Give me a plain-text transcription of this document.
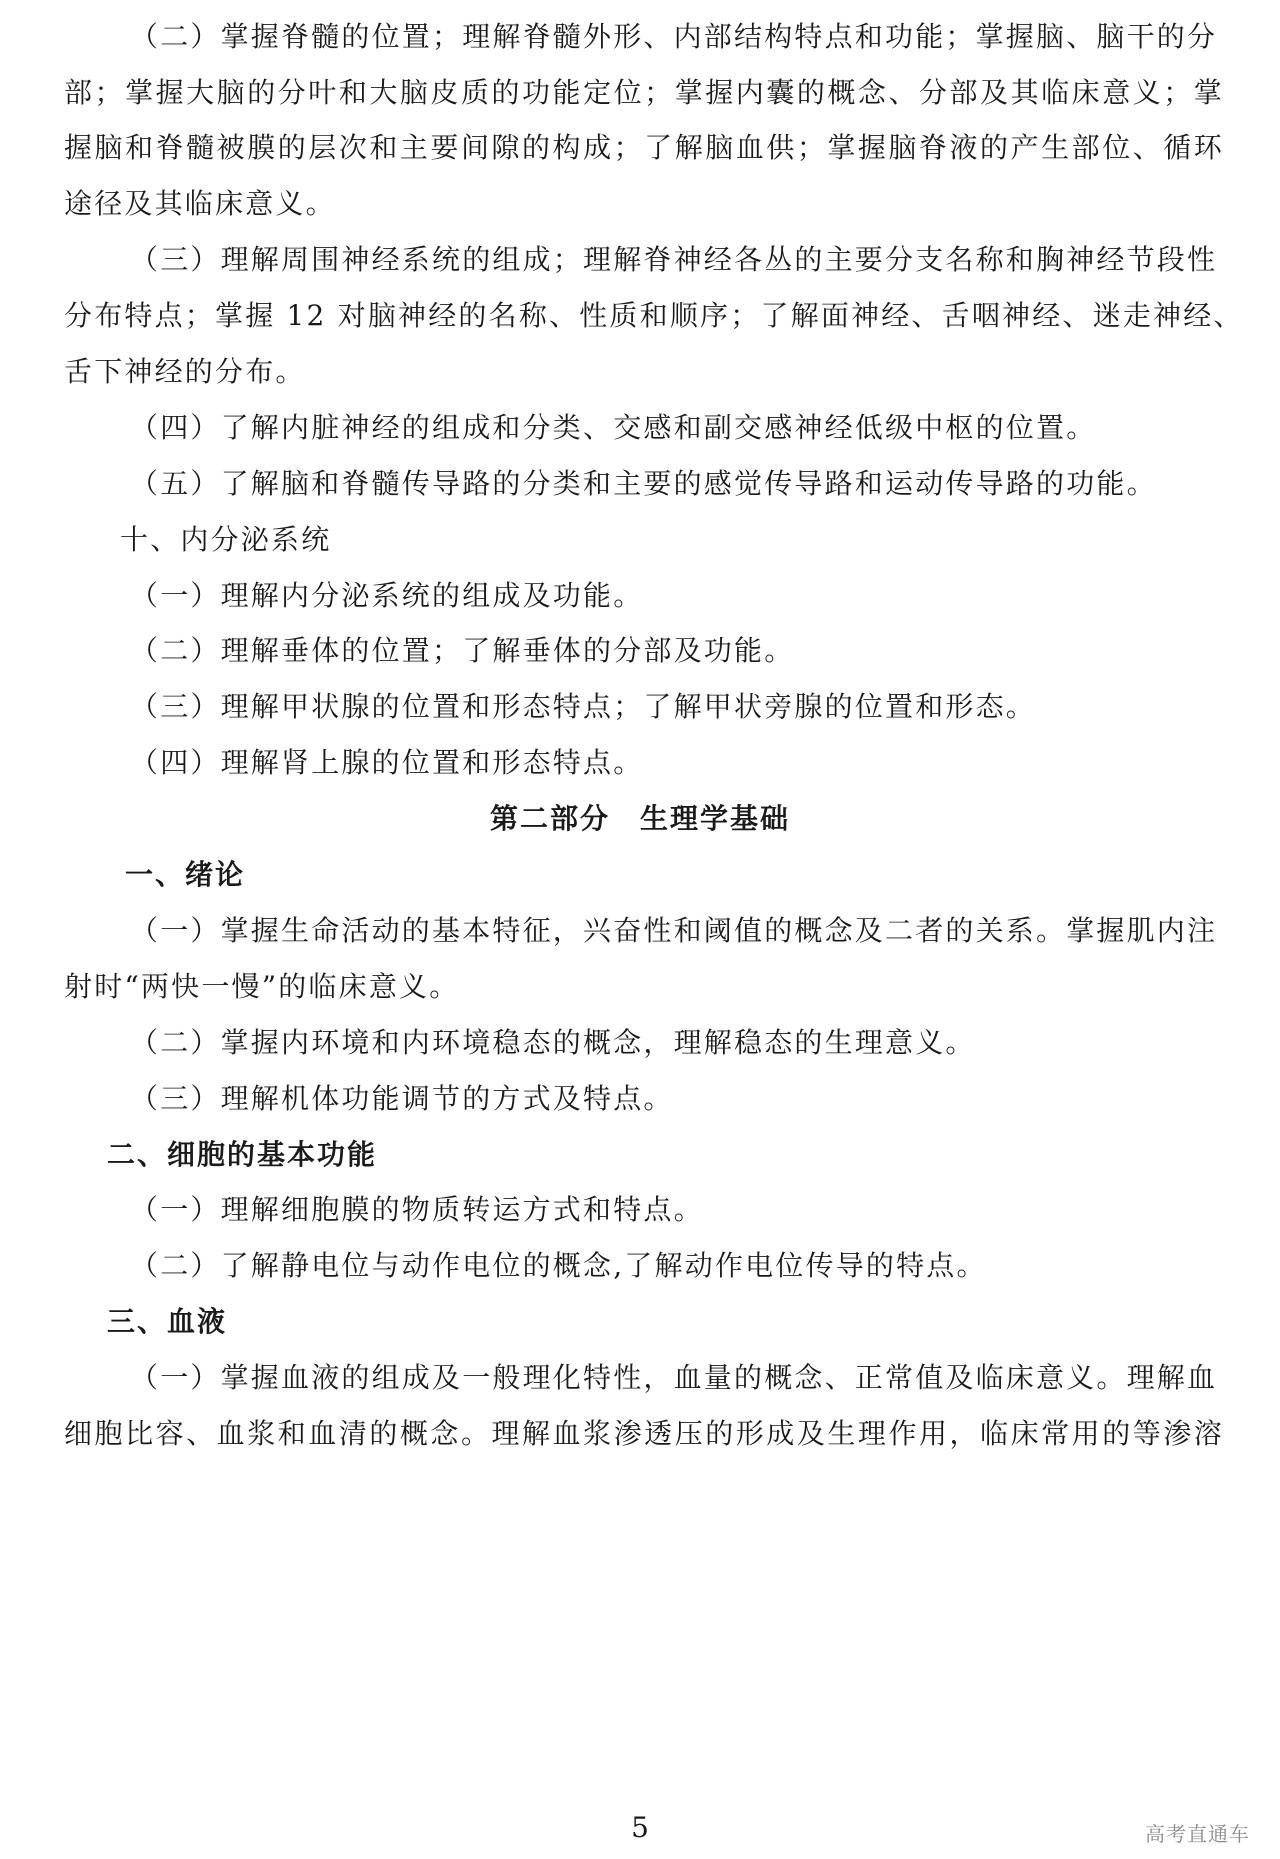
（二）掌握脊髓的位置；理解脊髓外形、内部结构特点和功能；掌握脑、脑干的分
部；掌握大脑的分叶和大脑皮质的功能定位；掌握内囊的概念、分部及其临床意义；掌
握脑和脊髓被膜的层次和主要间隙的构成；了解脑血供；掌握脑脊液的产生部位、循环
途径及其临床意义。
（三）理解周围神经系统的组成；理解脊神经各丛的主要分支名称和胸神经节段性
分布特点；掌握 12 对脑神经的名称、性质和顺序；了解面神经、舌咽神经、迷走神经、
舌下神经的分布。
（四）了解内脏神经的组成和分类、交感和副交感神经低级中枢的位置。
（五）了解脑和脊髓传导路的分类和主要的感觉传导路和运动传导路的功能。
十、内分泌系统
（一）理解内分泌系统的组成及功能。
（二）理解垂体的位置；了解垂体的分部及功能。
（三）理解甲状腺的位置和形态特点；了解甲状旁腺的位置和形态。
（四）理解肾上腺的位置和形态特点。
第二部分　生理学基础
一、绪论
（一）掌握生命活动的基本特征，兴奋性和阈值的概念及二者的关系。掌握肌内注
射时“两快一慢”的临床意义。
（二）掌握内环境和内环境稳态的概念，理解稳态的生理意义。
（三）理解机体功能调节的方式及特点。
二、细胞的基本功能
（一）理解细胞膜的物质转运方式和特点。
（二）了解静电位与动作电位的概念,了解动作电位传导的特点。
三、血液
（一）掌握血液的组成及一般理化特性，血量的概念、正常值及临床意义。理解血
细胞比容、血浆和血清的概念。理解血浆渗透压的形成及生理作用，临床常用的等渗溶
5	高考直通车
